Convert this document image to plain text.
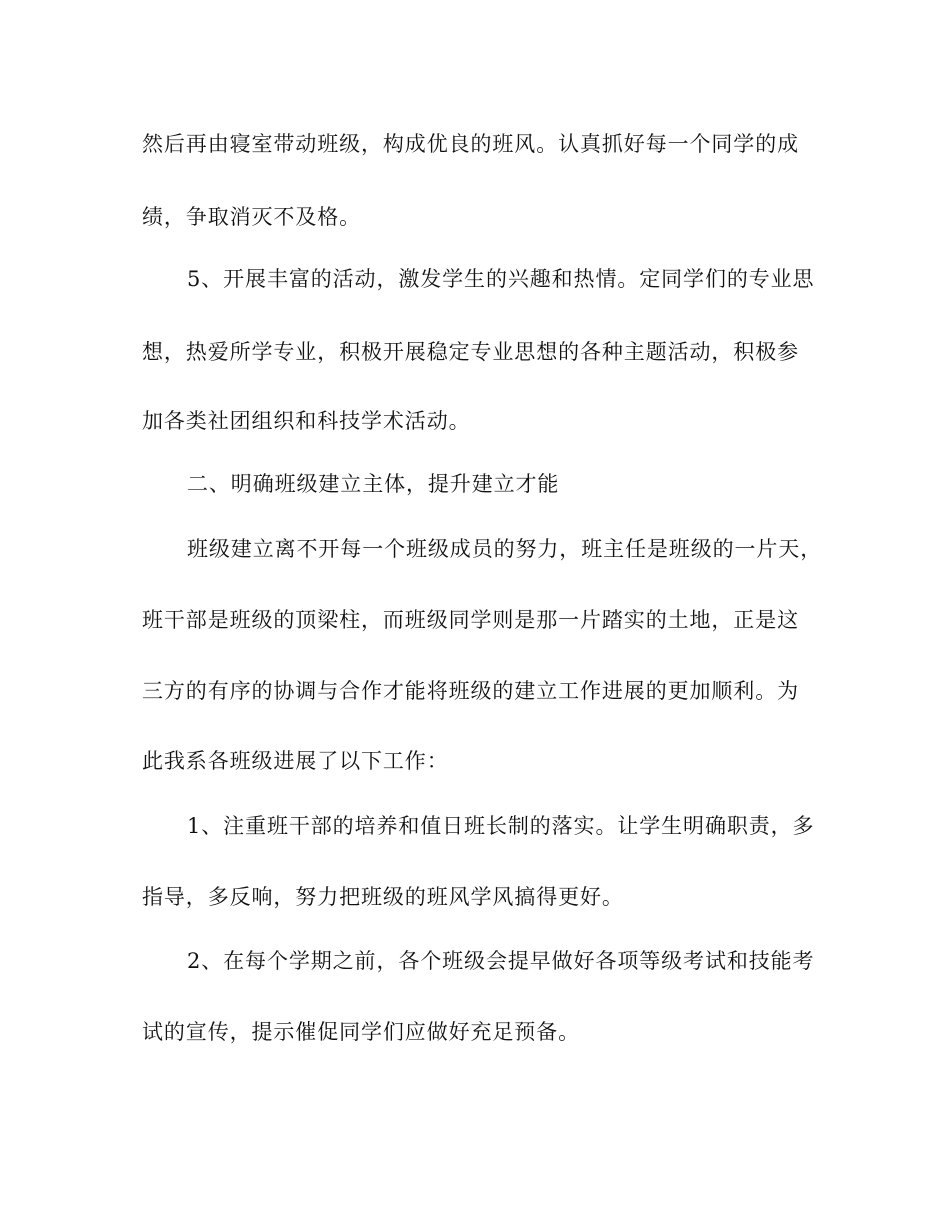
然后再由寝室带动班级，构成优良的班风。认真抓好每一个同学的成
绩，争取消灭不及格。
5、开展丰富的活动，激发学生的兴趣和热情。定同学们的专业思
想，热爱所学专业，积极开展稳定专业思想的各种主题活动，积极参
加各类社团组织和科技学术活动。
二、明确班级建立主体，提升建立才能
班级建立离不开每一个班级成员的努力，班主任是班级的一片天，
班干部是班级的顶梁柱，而班级同学则是那一片踏实的土地，正是这
三方的有序的协调与合作才能将班级的建立工作进展的更加顺利。为
此我系各班级进展了以下工作：
1、注重班干部的培养和值日班长制的落实。让学生明确职责，多
指导，多反响，努力把班级的班风学风搞得更好。
2、在每个学期之前，各个班级会提早做好各项等级考试和技能考
试的宣传，提示催促同学们应做好充足预备。
